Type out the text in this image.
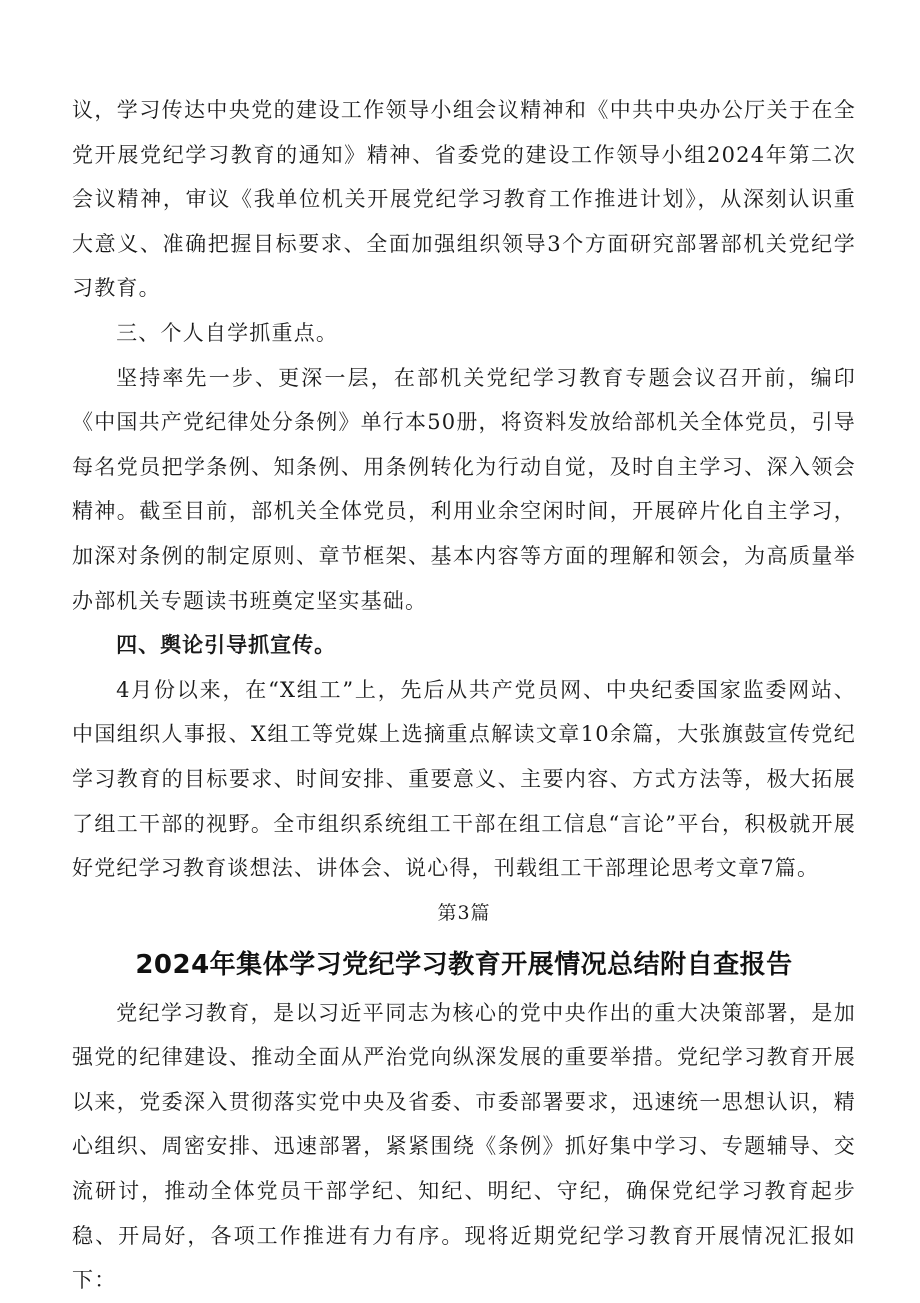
议，学习传达中央党的建设工作领导小组会议精神和《中共中央办公厅关于在全党开展党纪学习教育的通知》精神、省委党的建设工作领导小组2024年第二次会议精神，审议《我单位机关开展党纪学习教育工作推进计划》，从深刻认识重大意义、准确把握目标要求、全面加强组织领导3个方面研究部署部机关党纪学习教育。

三、个人自学抓重点。

坚持率先一步、更深一层，在部机关党纪学习教育专题会议召开前，编印《中国共产党纪律处分条例》单行本50册，将资料发放给部机关全体党员，引导每名党员把学条例、知条例、用条例转化为行动自觉，及时自主学习、深入领会精神。截至目前，部机关全体党员，利用业余空闲时间，开展碎片化自主学习，加深对条例的制定原则、章节框架、基本内容等方面的理解和领会，为高质量举办部机关专题读书班奠定坚实基础。

四、舆论引导抓宣传。

4月份以来，在“X组工”上，先后从共产党员网、中央纪委国家监委网站、中国组织人事报、X组工等党媒上选摘重点解读文章10余篇，大张旗鼓宣传党纪学习教育的目标要求、时间安排、重要意义、主要内容、方式方法等，极大拓展了组工干部的视野。全市组织系统组工干部在组工信息“言论”平台，积极就开展好党纪学习教育谈想法、讲体会、说心得，刊载组工干部理论思考文章7篇。

第3篇

2024年集体学习党纪学习教育开展情况总结附自查报告

党纪学习教育，是以习近平同志为核心的党中央作出的重大决策部署，是加强党的纪律建设、推动全面从严治党向纵深发展的重要举措。党纪学习教育开展以来，党委深入贯彻落实党中央及省委、市委部署要求，迅速统一思想认识，精心组织、周密安排、迅速部署，紧紧围绕《条例》抓好集中学习、专题辅导、交流研讨，推动全体党员干部学纪、知纪、明纪、守纪，确保党纪学习教育起步稳、开局好，各项工作推进有力有序。现将近期党纪学习教育开展情况汇报如下：
